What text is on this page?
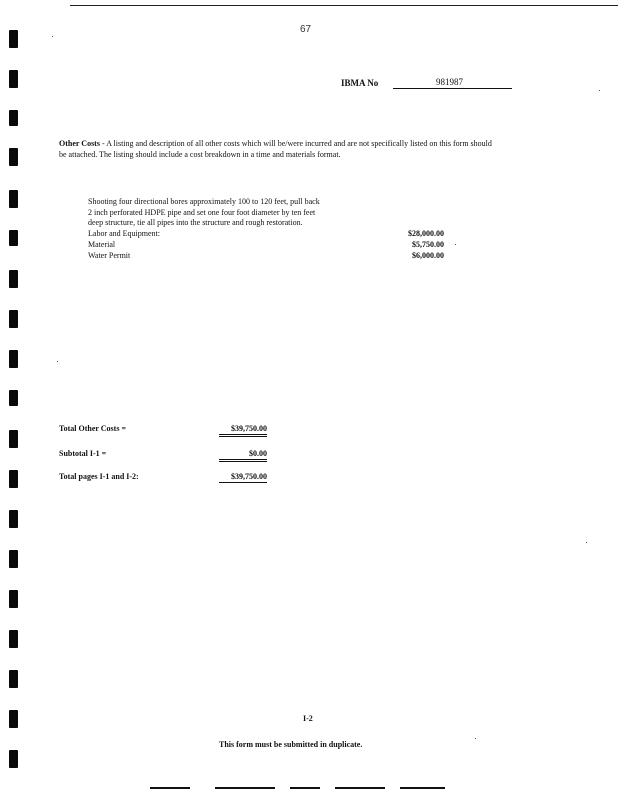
67
IBMA No	981987
Other Costs - A listing and description of all other costs which will be/were incurred and are not specifically listed on this form should be attached. The listing should include a cost breakdown in a time and materials format.
Shooting four directional bores approximately 100 to 120 feet, pull back
2 inch perforated HDPE pipe and set one four foot diameter by ten feet
deep structure, tie all pipes into the structure and rough restoration.
Labor and Equipment:	$28,000.00
Material	$5,750.00
Water Permit	$6,000.00
Total Other Costs =	$39,750.00
Subtotal I-1 =	$0.00
Total pages I-1 and I-2:	$39,750.00
I-2
This form must be submitted in duplicate.
